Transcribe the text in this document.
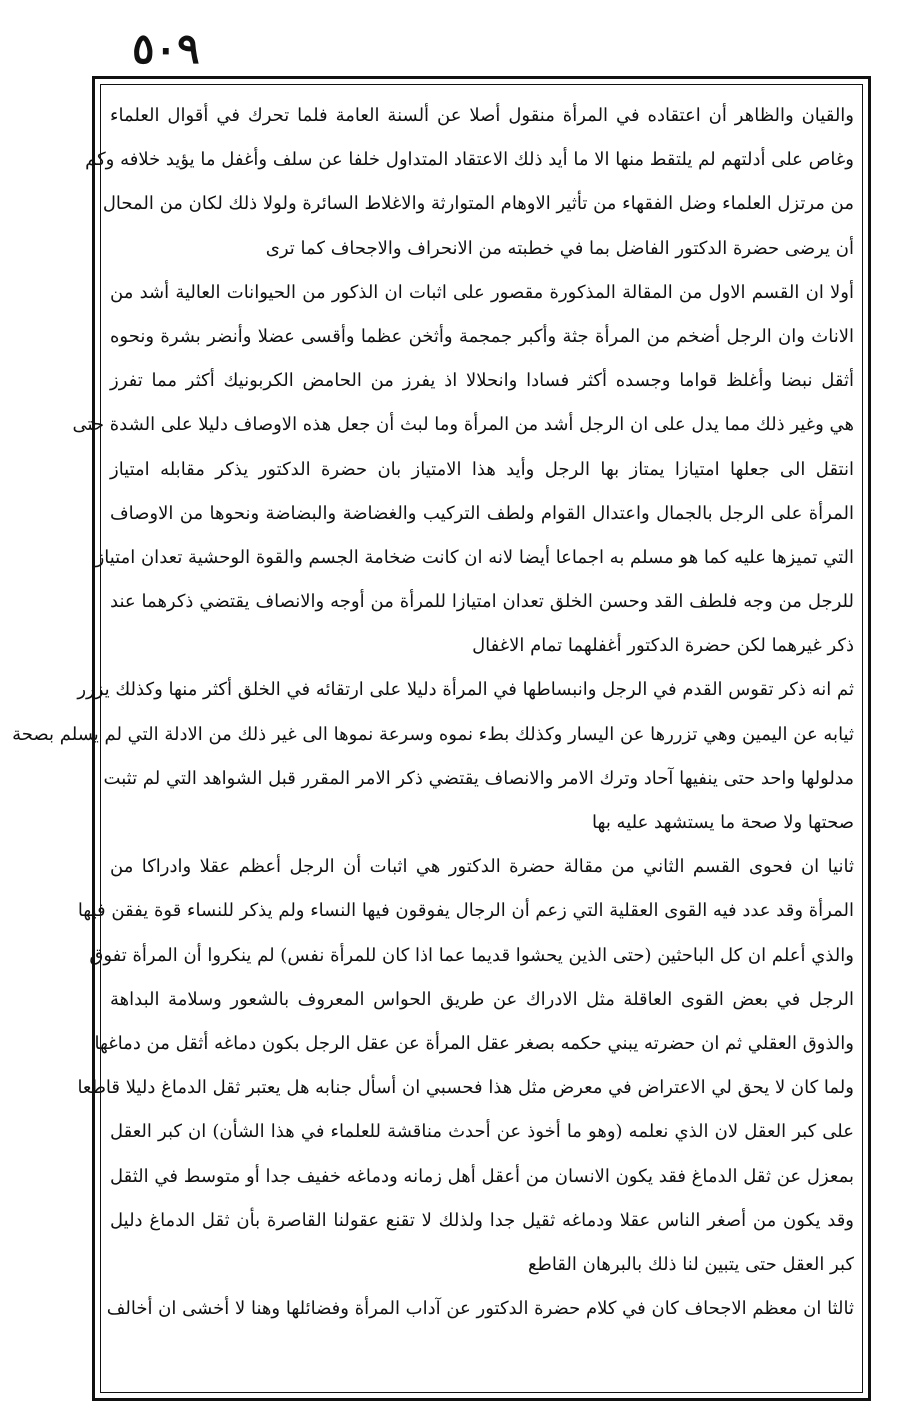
٥٠٩
والقيان والظاهر أن اعتقاده في المرأة منقول أصلا عن ألسنة العامة فلما تحرك في أقوال العلماء
وغاص على أدلتهم لم يلتقط منها الا ما أيد ذلك الاعتقاد المتداول خلفا عن سلف وأغفل ما يؤيد خلافه وكم
من مرتزل العلماء وضل الفقهاء من تأثير الاوهام المتوارثة والاغلاط السائرة ولولا ذلك لكان من المحال
أن يرضى حضرة الدكتور الفاضل بما في خطبته من الانحراف والاجحاف كما ترى
أولا ان القسم الاول من المقالة المذكورة مقصور على اثبات ان الذكور من الحيوانات العالية أشد من
الاناث وان الرجل أضخم من المرأة جثة وأكبر جمجمة وأثخن عظما وأقسى عضلا وأنضر بشرة ونحوه
أثقل نبضا وأغلظ قواما وجسده أكثر فسادا وانحلالا اذ يفرز من الحامض الكربونيك أكثر مما تفرز
هي وغير ذلك مما يدل على ان الرجل أشد من المرأة وما لبث أن جعل هذه الاوصاف دليلا على الشدة حتى
انتقل الى جعلها امتيازا يمتاز بها الرجل وأيد هذا الامتياز بان حضرة الدكتور يذكر مقابله امتياز
المرأة على الرجل بالجمال واعتدال القوام ولطف التركيب والغضاضة والبضاضة ونحوها من الاوصاف
التي تميزها عليه كما هو مسلم به اجماعا أيضا لانه ان كانت ضخامة الجسم والقوة الوحشية تعدان امتيازا
للرجل من وجه فلطف القد وحسن الخلق تعدان امتيازا للمرأة من أوجه والانصاف يقتضي ذكرهما عند
ذكر غيرهما لكن حضرة الدكتور أغفلهما تمام الاغفال
ثم انه ذكر تقوس القدم في الرجل وانبساطها في المرأة دليلا على ارتقائه في الخلق أكثر منها وكذلك يزرر
ثيابه عن اليمين وهي تزررها عن اليسار وكذلك بطء نموه وسرعة نموها الى غير ذلك من الادلة التي لم يسلم بصحة
مدلولها واحد حتى ينفيها آحاد وترك الامر والانصاف يقتضي ذكر الامر المقرر قبل الشواهد التي لم تثبت
صحتها ولا صحة ما يستشهد عليه بها
ثانيا ان فحوى القسم الثاني من مقالة حضرة الدكتور هي اثبات أن الرجل أعظم عقلا وادراكا من
المرأة وقد عدد فيه القوى العقلية التي زعم أن الرجال يفوقون فيها النساء ولم يذكر للنساء قوة يفقن فيها
والذي أعلم ان كل الباحثين (حتى الذين يحشوا قديما عما اذا كان للمرأة نفس) لم ينكروا أن المرأة تفوق
الرجل في بعض القوى العاقلة مثل الادراك عن طريق الحواس المعروف بالشعور وسلامة البداهة
والذوق العقلي ثم ان حضرته يبني حكمه بصغر عقل المرأة عن عقل الرجل بكون دماغه أثقل من دماغها
ولما كان لا يحق لي الاعتراض في معرض مثل هذا فحسبي ان أسأل جنابه هل يعتبر ثقل الدماغ دليلا قاطعا
على كبر العقل لان الذي نعلمه (وهو ما أخوذ عن أحدث مناقشة للعلماء في هذا الشأن) ان كبر العقل
بمعزل عن ثقل الدماغ فقد يكون الانسان من أعقل أهل زمانه ودماغه خفيف جدا أو متوسط في الثقل
وقد يكون من أصغر الناس عقلا ودماغه ثقيل جدا ولذلك لا تقنع عقولنا القاصرة بأن ثقل الدماغ دليل
كبر العقل حتى يتبين لنا ذلك بالبرهان القاطع
ثالثا ان معظم الاجحاف كان في كلام حضرة الدكتور عن آداب المرأة وفضائلها وهنا لا أخشى ان أخالف
